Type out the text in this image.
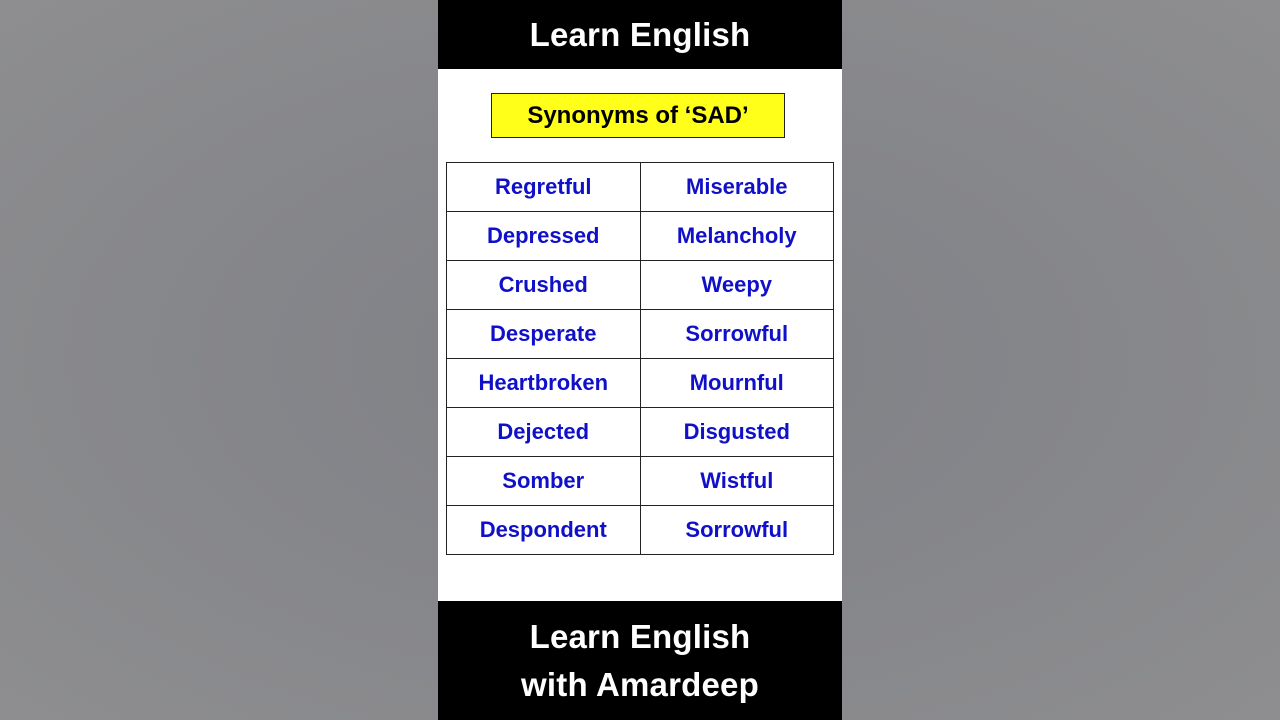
Learn English
Synonyms of ‘SAD’
Regretful	Miserable
Depressed	Melancholy
Crushed	Weepy
Desperate	Sorrowful
Heartbroken	Mournful
Dejected	Disgusted
Somber	Wistful
Despondent	Sorrowful
Learn English
with Amardeep
